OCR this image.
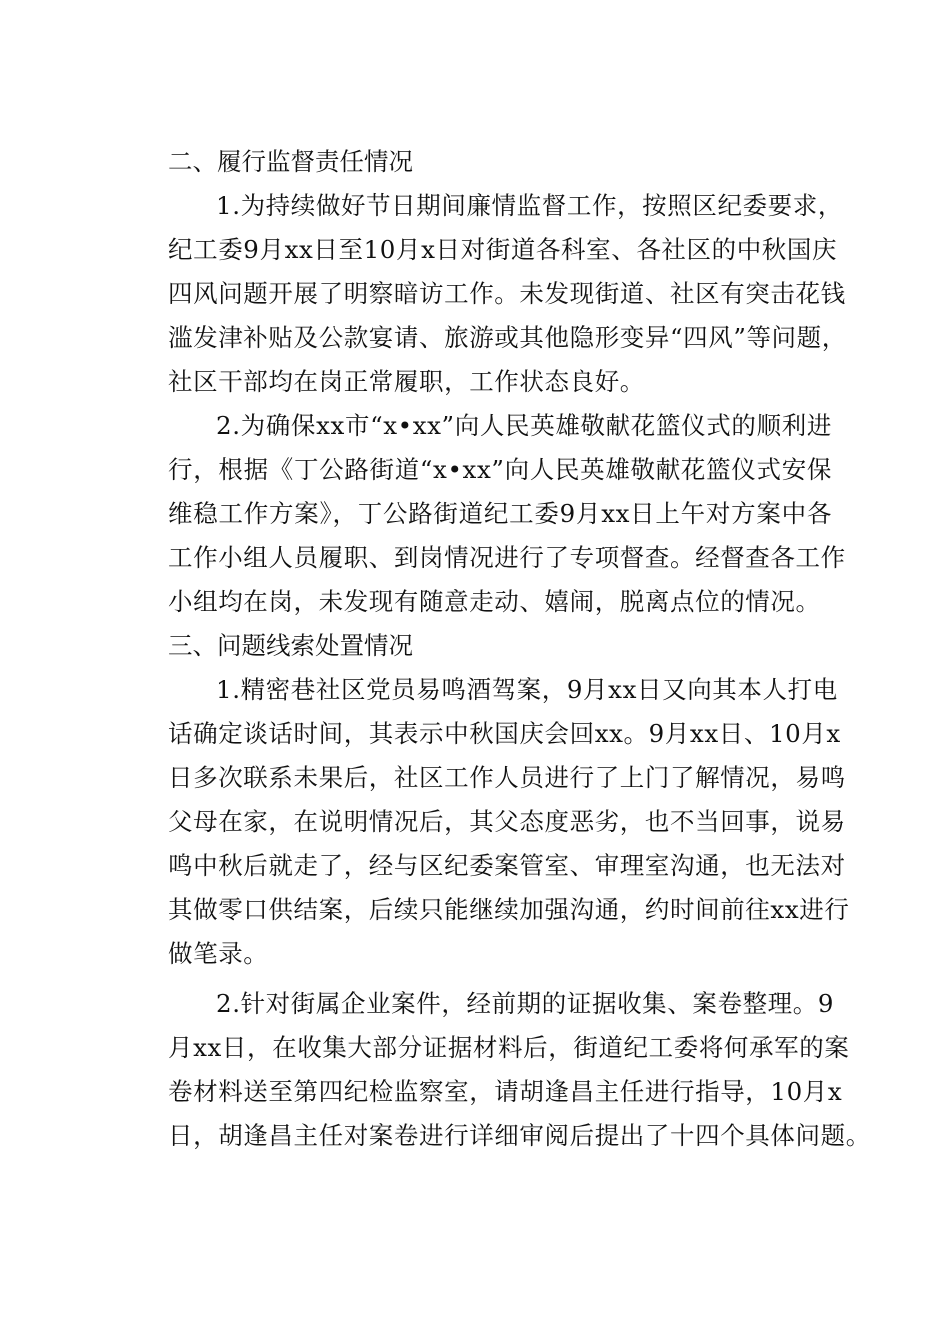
二、履行监督责任情况
1.为持续做好节日期间廉情监督工作，按照区纪委要求，
纪工委9月xx日至10月x日对街道各科室、各社区的中秋国庆
四风问题开展了明察暗访工作。未发现街道、社区有突击花钱
滥发津补贴及公款宴请、旅游或其他隐形变异“四风”等问题，
社区干部均在岗正常履职，工作状态良好。
2.为确保xx市“x•xx”向人民英雄敬献花篮仪式的顺利进
行，根据《丁公路街道“x•xx”向人民英雄敬献花篮仪式安保
维稳工作方案》，丁公路街道纪工委9月xx日上午对方案中各
工作小组人员履职、到岗情况进行了专项督查。经督查各工作
小组均在岗，未发现有随意走动、嬉闹，脱离点位的情况。
三、问题线索处置情况
1.精密巷社区党员易鸣酒驾案，9月xx日又向其本人打电
话确定谈话时间，其表示中秋国庆会回xx。9月xx日、10月x
日多次联系未果后，社区工作人员进行了上门了解情况，易鸣
父母在家，在说明情况后，其父态度恶劣，也不当回事，说易
鸣中秋后就走了，经与区纪委案管室、审理室沟通，也无法对
其做零口供结案，后续只能继续加强沟通，约时间前往xx进行
做笔录。
2.针对街属企业案件，经前期的证据收集、案卷整理。9
月xx日，在收集大部分证据材料后，街道纪工委将何承军的案
卷材料送至第四纪检监察室，请胡逢昌主任进行指导，10月x
日，胡逢昌主任对案卷进行详细审阅后提出了十四个具体问题。
